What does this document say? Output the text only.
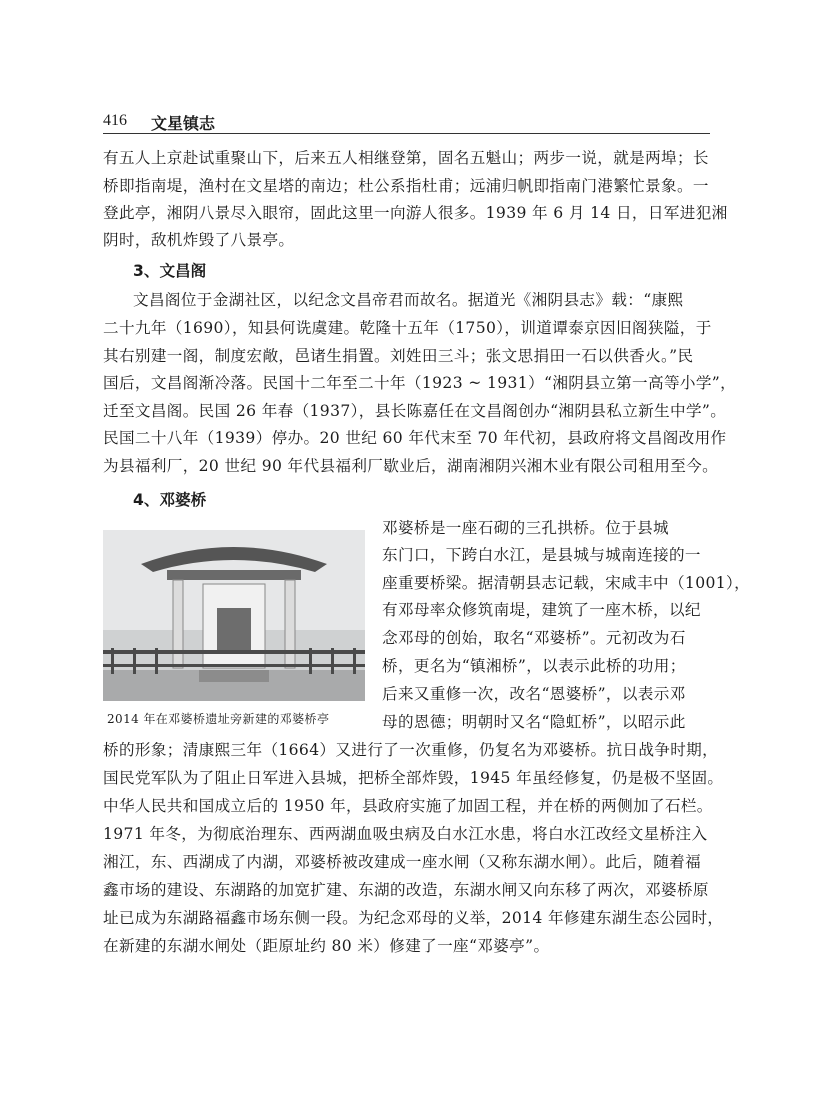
416 文星镇志
有五人上京赴试重聚山下，后来五人相继登第，固名五魁山；两步一说，就是两埠；长
桥即指南堤，渔村在文星塔的南边；杜公系指杜甫；远浦归帆即指南门港繁忙景象。一
登此亭，湘阴八景尽入眼帘，固此这里一向游人很多。1939 年 6 月 14 日，日军进犯湘
阴时，敌机炸毁了八景亭。
3、文昌阁
文昌阁位于金湖社区，以纪念文昌帝君而故名。据道光《湘阴县志》载：“康熙
二十九年（1690），知县何诜虞建。乾隆十五年（1750），训道谭泰京因旧阁狭隘，于
其右别建一阁，制度宏敞，邑诸生捐置。刘姓田三斗；张文思捐田一石以供香火。”民
国后，文昌阁渐冷落。民国十二年至二十年（1923 ~ 1931）“湘阴县立第一高等小学”，
迁至文昌阁。民国 26 年春（1937），县长陈嘉任在文昌阁创办“湘阴县私立新生中学”。
民国二十八年（1939）停办。20 世纪 60 年代末至 70 年代初，县政府将文昌阁改用作
为县福利厂，20 世纪 90 年代县福利厂歇业后，湖南湘阴兴湘木业有限公司租用至今。
4、邓婆桥
邓婆桥是一座石砌的三孔拱桥。位于县城
东门口，下跨白水江，是县城与城南连接的一
座重要桥梁。据清朝县志记载，宋咸丰中（1001），
有邓母率众修筑南堤，建筑了一座木桥，以纪
念邓母的创始，取名“邓婆桥”。元初改为石
桥，更名为“镇湘桥”，以表示此桥的功用；
后来又重修一次，改名“恩婆桥”，以表示邓
母的恩德；明朝时又名“隐虹桥”，以昭示此
2014 年在邓婆桥遗址旁新建的邓婆桥亭
桥的形象；清康熙三年（1664）又进行了一次重修，仍复名为邓婆桥。抗日战争时期，
国民党军队为了阻止日军进入县城，把桥全部炸毁，1945 年虽经修复，仍是极不坚固。
中华人民共和国成立后的 1950 年，县政府实施了加固工程，并在桥的两侧加了石栏。
1971 年冬，为彻底治理东、西两湖血吸虫病及白水江水患，将白水江改经文星桥注入
湘江，东、西湖成了内湖，邓婆桥被改建成一座水闸（又称东湖水闸）。此后，随着福
鑫市场的建设、东湖路的加宽扩建、东湖的改造，东湖水闸又向东移了两次，邓婆桥原
址已成为东湖路福鑫市场东侧一段。为纪念邓母的义举，2014 年修建东湖生态公园时，
在新建的东湖水闸处（距原址约 80 米）修建了一座“邓婆亭”。
